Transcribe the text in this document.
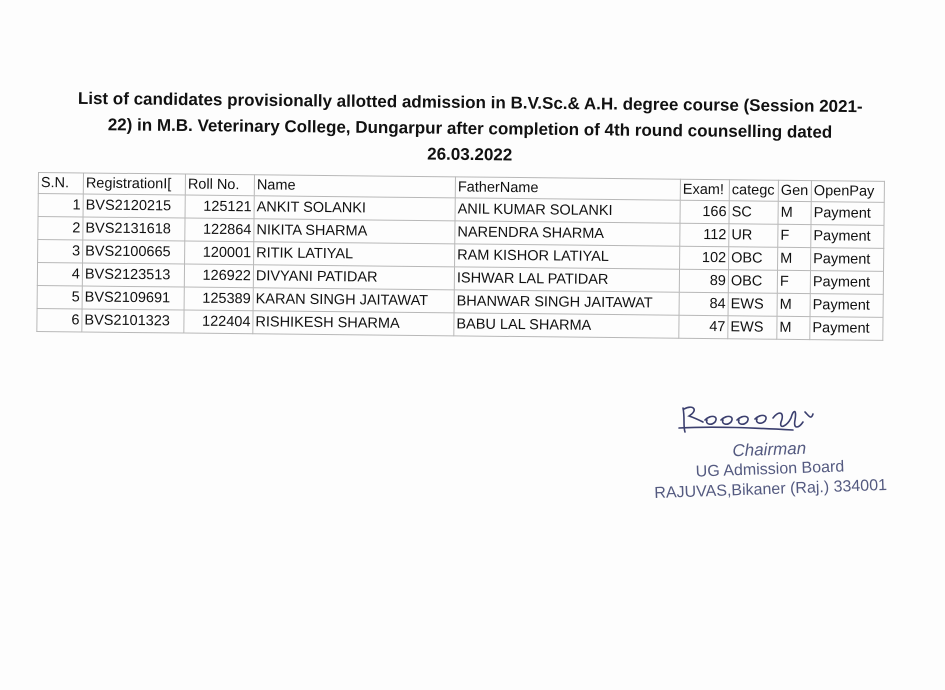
List of candidates provisionally allotted admission in B.V.Sc.& A.H. degree course (Session 2021-
22) in M.B. Veterinary College, Dungarpur after completion of 4th round counselling dated
26.03.2022
S.N.	RegistrationI[	Roll No.	Name	FatherName	Exam!	categc	Gen	OpenPay
1	BVS2120215	125121	ANKIT SOLANKI	ANIL KUMAR SOLANKI	166	SC	M	Payment
2	BVS2131618	122864	NIKITA SHARMA	NARENDRA SHARMA	112	UR	F	Payment
3	BVS2100665	120001	RITIK LATIYAL	RAM KISHOR LATIYAL	102	OBC	M	Payment
4	BVS2123513	126922	DIVYANI PATIDAR	ISHWAR LAL PATIDAR	89	OBC	F	Payment
5	BVS2109691	125389	KARAN SINGH JAITAWAT	BHANWAR SINGH JAITAWAT	84	EWS	M	Payment
6	BVS2101323	122404	RISHIKESH SHARMA	BABU LAL SHARMA	47	EWS	M	Payment
Chairman
UG Admission Board
RAJUVAS,Bikaner (Raj.) 334001
